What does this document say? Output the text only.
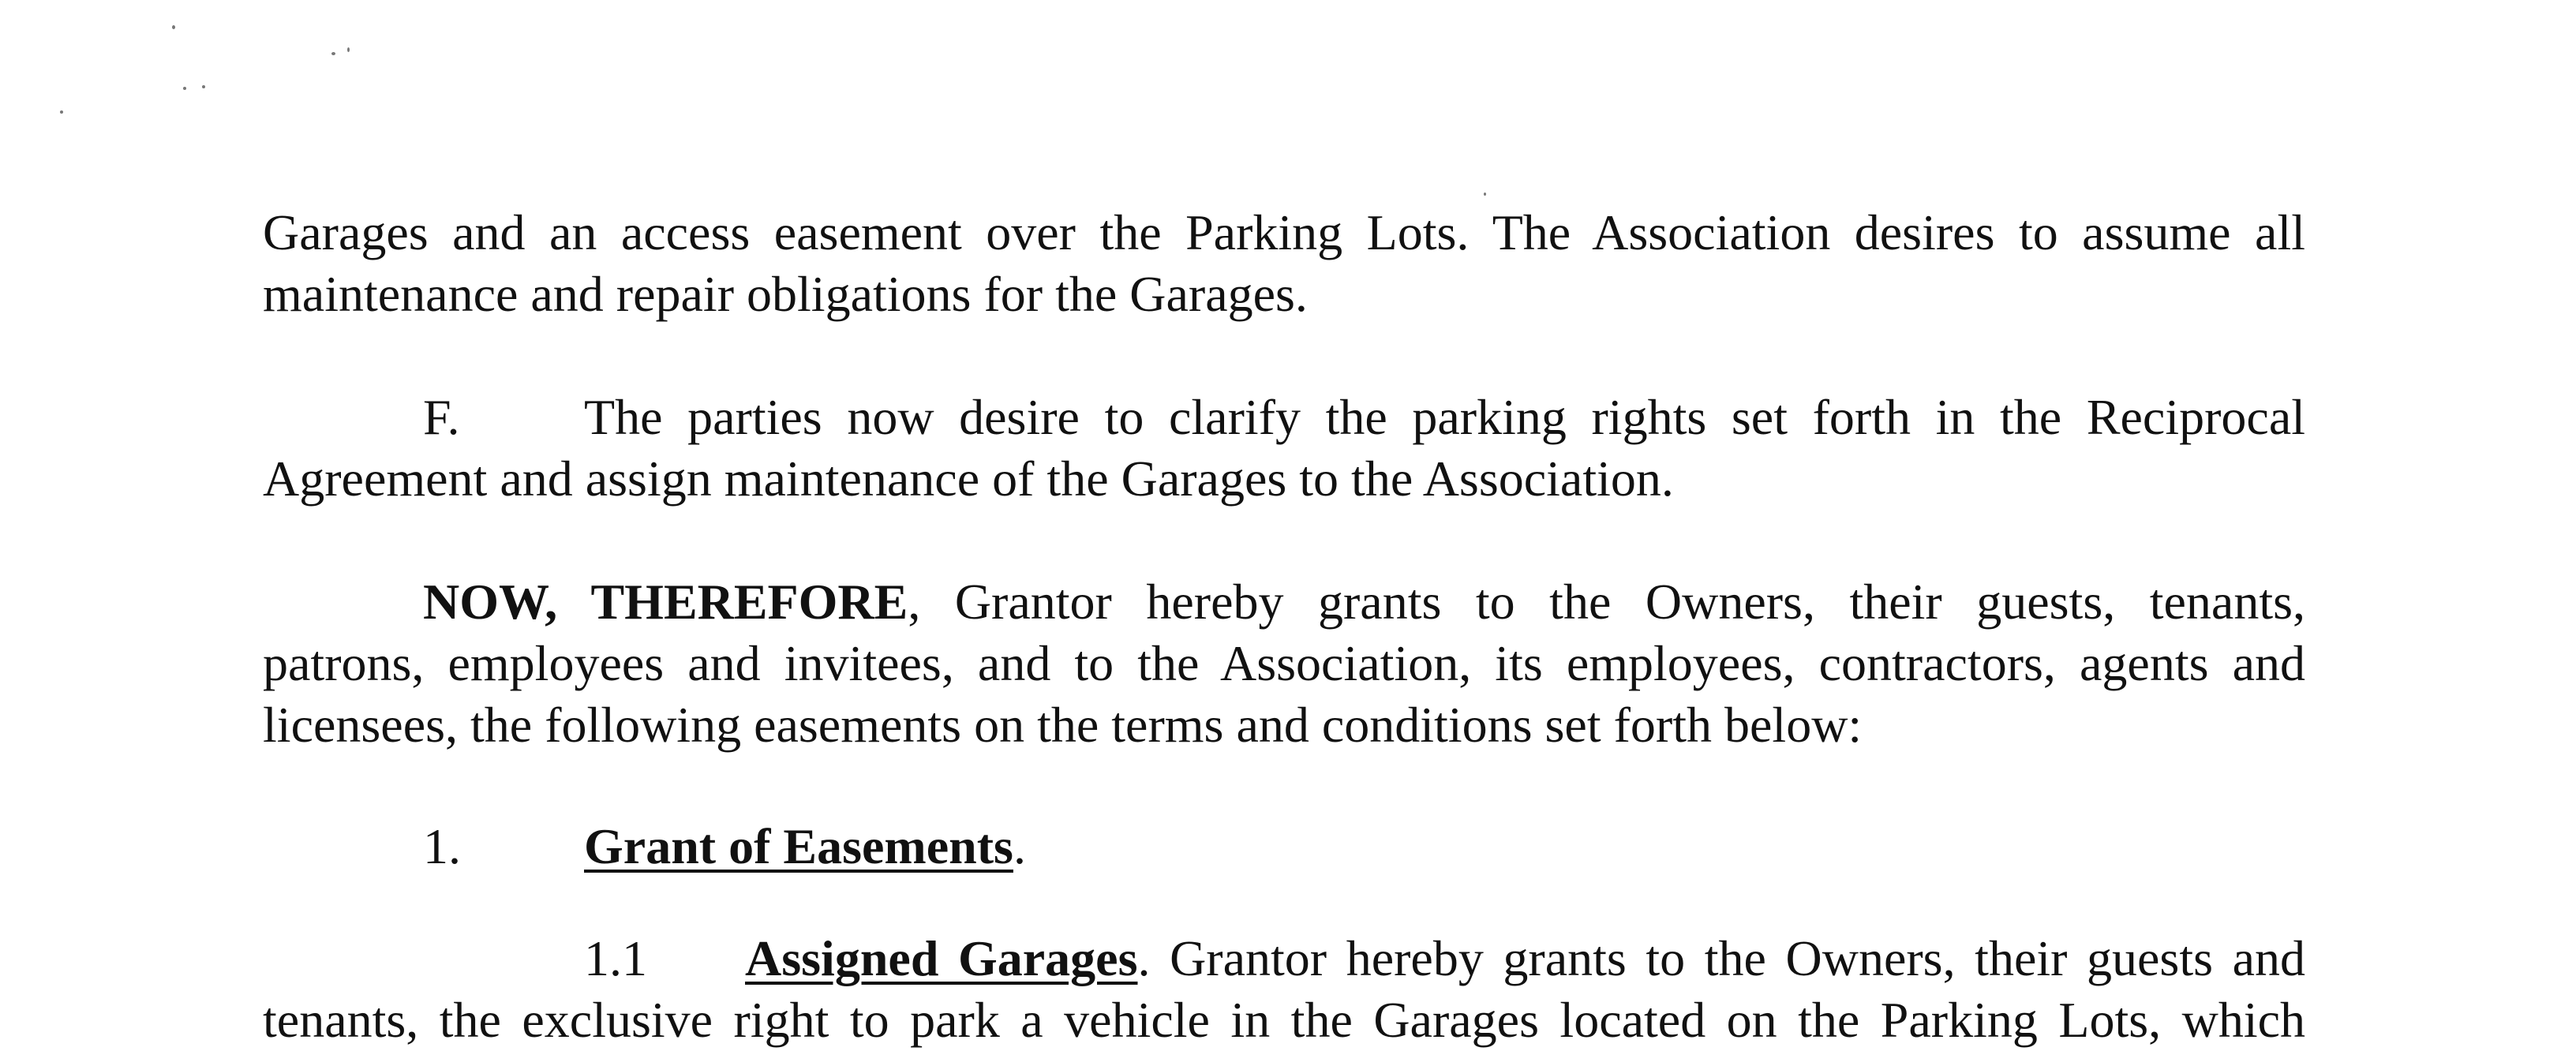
Garages and an access easement over the Parking Lots. The Association desires to assume all
maintenance and repair obligations for the Garages.
F. The parties now desire to clarify the parking rights set forth in the Reciprocal
Agreement and assign maintenance of the Garages to the Association.
NOW, THEREFORE, Grantor hereby grants to the Owners, their guests, tenants,
patrons, employees and invitees, and to the Association, its employees, contractors, agents and
licensees, the following easements on the terms and conditions set forth below:
1. Grant of Easements.
1.1 Assigned Garages. Grantor hereby grants to the Owners, their guests and
tenants, the exclusive right to park a vehicle in the Garages located on the Parking Lots, which
